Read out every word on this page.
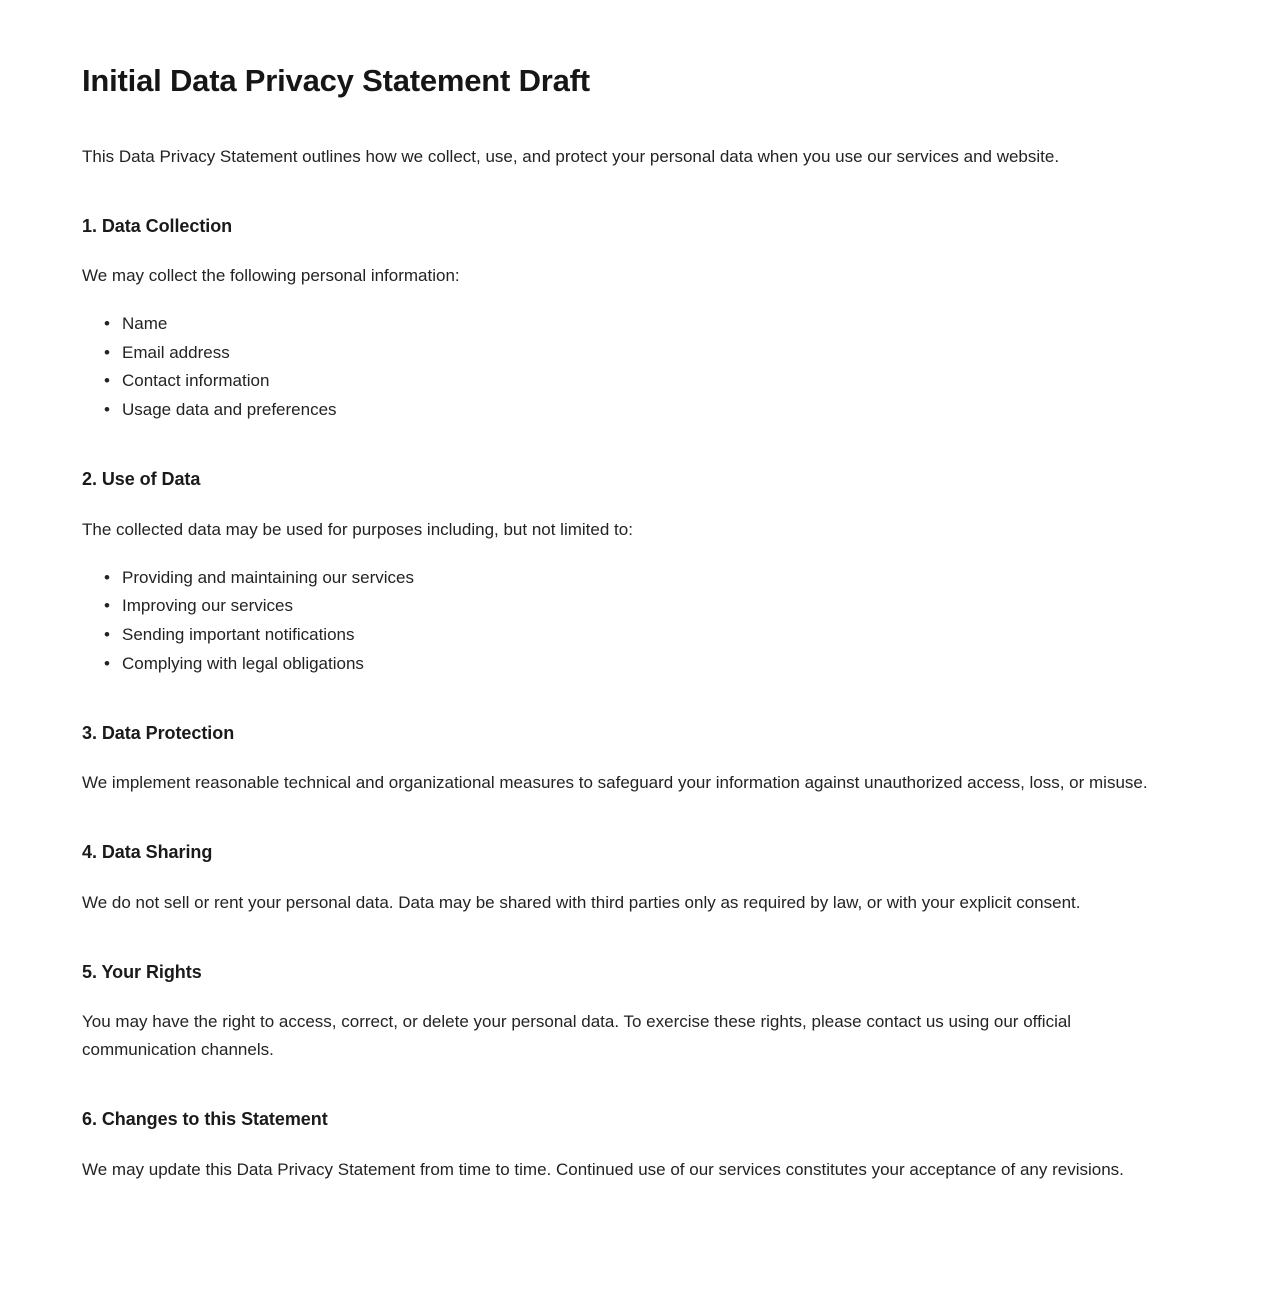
Initial Data Privacy Statement Draft

This Data Privacy Statement outlines how we collect, use, and protect your personal data when you use our services and website.

1. Data Collection

We may collect the following personal information:

• Name
• Email address
• Contact information
• Usage data and preferences
2. Use of Data

The collected data may be used for purposes including, but not limited to:

• Providing and maintaining our services
• Improving our services
• Sending important notifications
• Complying with legal obligations
3. Data Protection

We implement reasonable technical and organizational measures to safeguard your information against unauthorized access, loss, or misuse.

4. Data Sharing

We do not sell or rent your personal data. Data may be shared with third parties only as required by law, or with your explicit consent.

5. Your Rights

You may have the right to access, correct, or delete your personal data. To exercise these rights, please contact us using our official communication channels.

6. Changes to this Statement

We may update this Data Privacy Statement from time to time. Continued use of our services constitutes your acceptance of any revisions.
